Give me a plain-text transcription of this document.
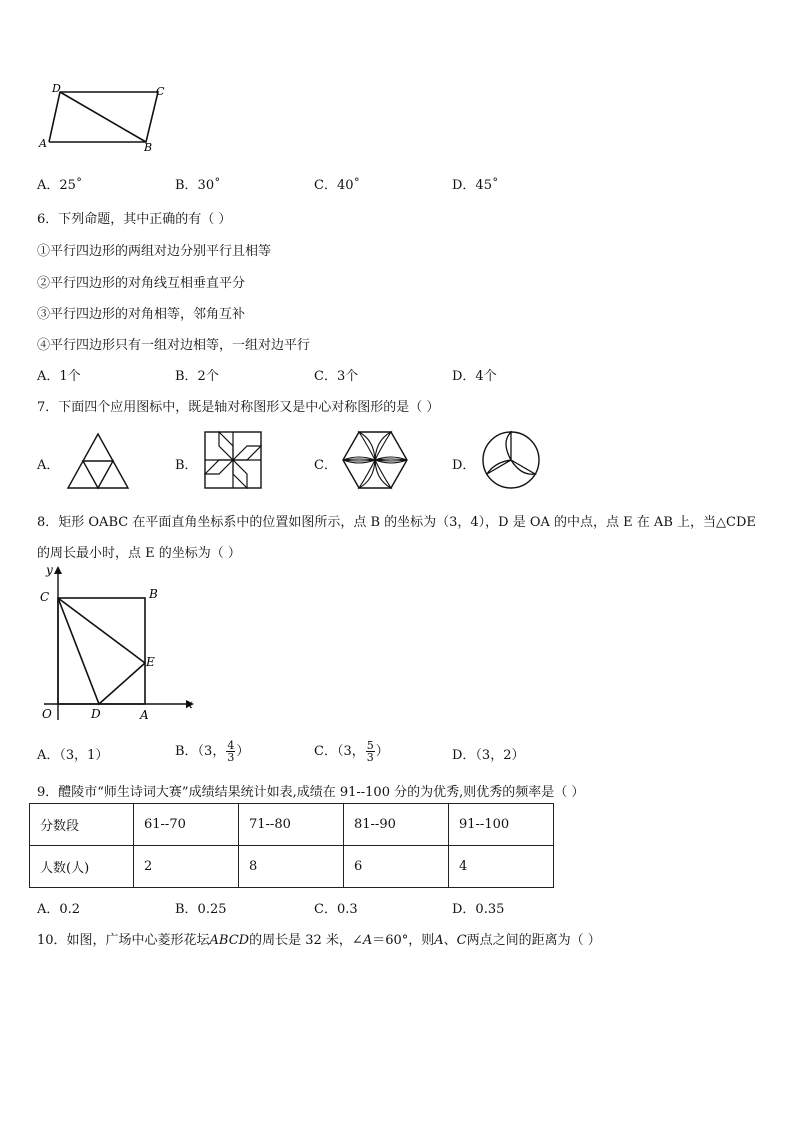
D	C
A	B
A．25˚	B．30˚	C．40˚	D．45˚
6．下列命题，其中正确的有（ ）
①平行四边形的两组对边分别平行且相等
②平行四边形的对角线互相垂直平分
③平行四边形的对角相等，邻角互补
④平行四边形只有一组对边相等，一组对边平行
A．1个	B．2个	C．3个	D．4个
7．下面四个应用图标中，既是轴对称图形又是中心对称图形的是（ ）
A．	B．	C．	D．
8．矩形 OABC 在平面直角坐标系中的位置如图所示，点 B 的坐标为（3，4），D 是 OA 的中点，点 E 在 AB 上，当△CDE
的周长最小时，点 E 的坐标为（ ）
y
x
C	B
E
O	D	A
A．（3，1）	B．（3， $\frac{4}{3}$ ）	C．（3， $\frac{5}{3}$ ）	D．（3，2）
9．醴陵市“师生诗词大赛”成绩结果统计如表,成绩在 91--100 分的为优秀,则优秀的频率是（ ）
分数段	61--70	71--80	81--90	91--100
人数(人)	2	8	6	4
A．0.2	B．0.25	C．0.3	D．0.35
10．如图，广场中心菱形花坛ABCD的周长是 32 米，∠A＝60°，则A、C两点之间的距离为（ ）
